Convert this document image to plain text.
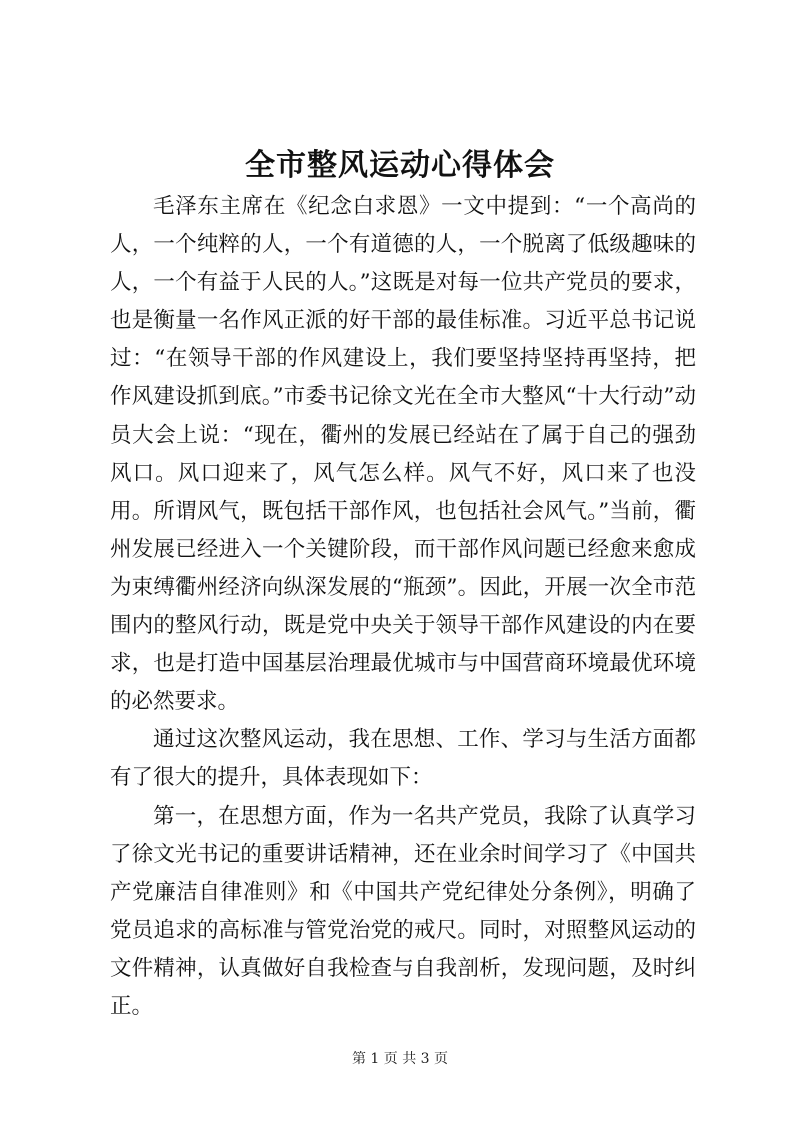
全市整风运动心得体会

毛泽东主席在《纪念白求恩》一文中提到：“一个高尚的人，一个纯粹的人，一个有道德的人，一个脱离了低级趣味的人，一个有益于人民的人。”这既是对每一位共产党员的要求，也是衡量一名作风正派的好干部的最佳标准。习近平总书记说过：“在领导干部的作风建设上，我们要坚持坚持再坚持，把作风建设抓到底。”市委书记徐文光在全市大整风“十大行动”动员大会上说：“现在，衢州的发展已经站在了属于自己的强劲风口。风口迎来了，风气怎么样。风气不好，风口来了也没用。所谓风气，既包括干部作风，也包括社会风气。”当前，衢州发展已经进入一个关键阶段，而干部作风问题已经愈来愈成为束缚衢州经济向纵深发展的“瓶颈”。因此，开展一次全市范围内的整风行动，既是党中央关于领导干部作风建设的内在要求，也是打造中国基层治理最优城市与中国营商环境最优环境的必然要求。

通过这次整风运动，我在思想、工作、学习与生活方面都有了很大的提升，具体表现如下：

第一，在思想方面，作为一名共产党员，我除了认真学习了徐文光书记的重要讲话精神，还在业余时间学习了《中国共产党廉洁自律准则》和《中国共产党纪律处分条例》，明确了党员追求的高标准与管党治党的戒尺。同时，对照整风运动的文件精神，认真做好自我检查与自我剖析，发现问题，及时纠正。

第 1 页 共 3 页
